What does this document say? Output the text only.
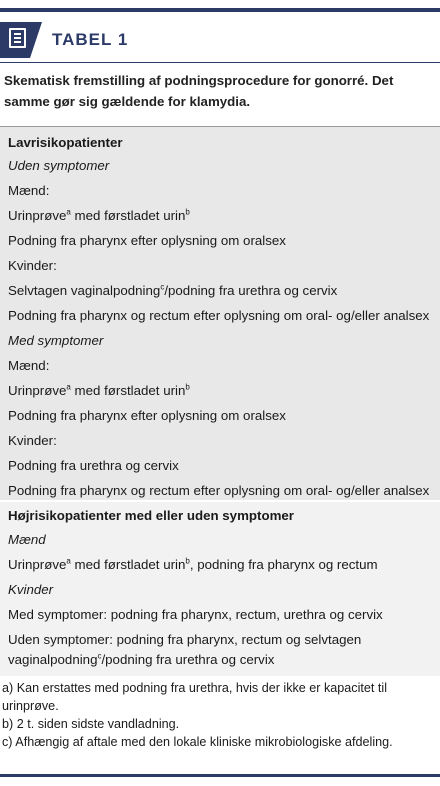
TABEL 1
Skematisk fremstilling af podningsprocedure for gonorré. Det samme gør sig gældende for klamydia.
Lavrisikopatienter
Uden symptomer
Mænd:
Urinprøve$^a$ med førstladet urin$^b$
Podning fra pharynx efter oplysning om oralsex
Kvinder:
Selvtagen vaginalpodning$^c$/podning fra urethra og cervix
Podning fra pharynx og rectum efter oplysning om oral- og/eller analsex
Med symptomer
Mænd:
Urinprøve$^a$ med førstladet urin$^b$
Podning fra pharynx efter oplysning om oralsex
Kvinder:
Podning fra urethra og cervix
Podning fra pharynx og rectum efter oplysning om oral- og/eller analsex
Højrisikopatienter med eller uden symptomer
Mænd
Urinprøve$^a$ med førstladet urin$^b$, podning fra pharynx og rectum
Kvinder
Med symptomer: podning fra pharynx, rectum, urethra og cervix
Uden symptomer: podning fra pharynx, rectum og selvtagen vaginalpodning$^c$/podning fra urethra og cervix
a) Kan erstattes med podning fra urethra, hvis der ikke er kapacitet til urinprøve.
b) 2 t. siden sidste vandladning.
c) Afhængig af aftale med den lokale kliniske mikrobiologiske afdeling.
